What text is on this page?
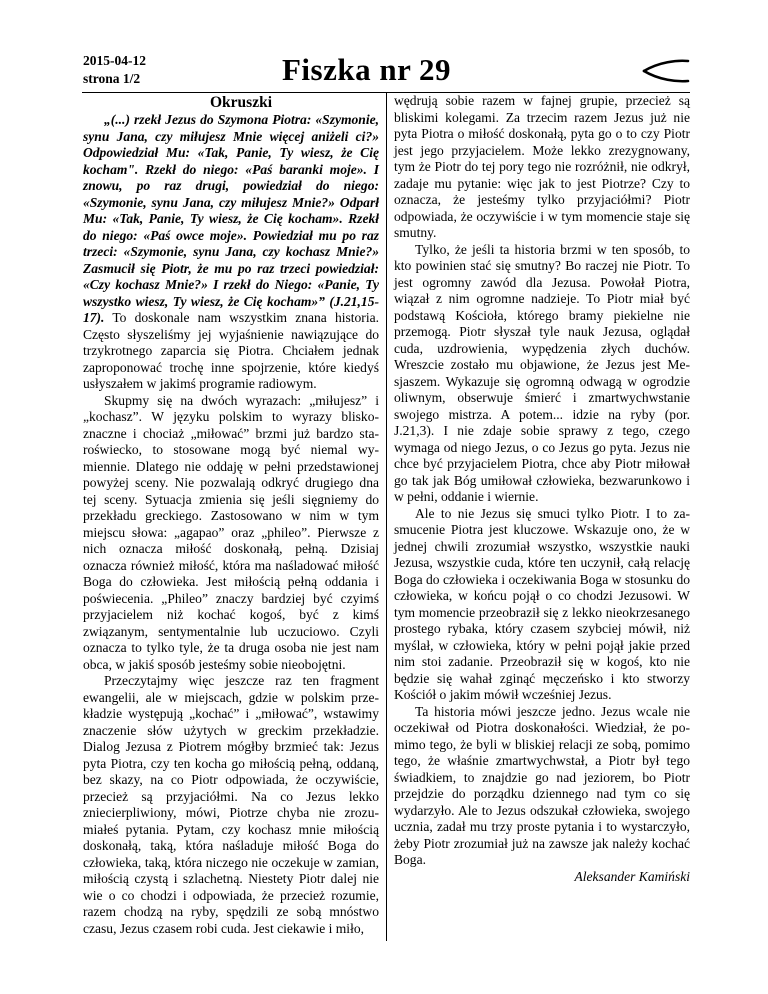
2015-04-12
strona 1/2	Fiszka nr 29
Okruszki

„(...) rzekł Jezus do Szymona Piotra: «Szymonie, synu Jana, czy miłujesz Mnie więcej aniżeli ci?» Odpowiedział Mu: «Tak, Panie, Ty wiesz, że Cię kocham". Rzekł do niego: «Paś baranki moje». I znowu, po raz drugi, powiedział do niego: «Szymonie, synu Jana, czy miłujesz Mnie?» Odparł Mu: «Tak, Panie, Ty wiesz, że Cię kocham». Rzekł do niego: «Paś owce moje». Powiedział mu po raz trzeci: «Szymonie, synu Jana, czy kochasz Mnie?» Zasmucił się Piotr, że mu po raz trzeci powiedział: «Czy kochasz Mnie?» I rzekł do Niego: «Panie, Ty wszystko wiesz, Ty wiesz, że Cię kocham»” (J.21,15-17). To doskonale nam wszystkim znana historia. Często słyszeliśmy jej wyjaśnienie nawiązujące do trzykrotnego zaparcia się Piotra. Chciałem jednak zaproponować trochę inne spojrzenie, które kiedyś usłyszałem w jakimś programie radiowym.

Skupmy się na dwóch wyrazach: „miłujesz” i „kochasz”. W języku polskim to wyrazy bliskoznaczne i chociaż „miłować” brzmi już bardzo staroświecko, to stosowane mogą być niemal wymiennie. Dlatego nie oddaję w pełni przedstawionej powyżej sceny. Nie pozwalają odkryć drugiego dna tej sceny. Sytuacja zmienia się jeśli sięgniemy do przekładu greckiego. Zastosowano w nim w tym miejscu słowa: „agapao” oraz „phileo”. Pierwsze z nich oznacza miłość doskonałą, pełną. Dzisiaj oznacza również miłość, która ma naśladować miłość Boga do człowieka. Jest miłością pełną oddania i poświecenia. „Phileo” znaczy bardziej być czyimś przyjacielem niż kochać kogoś, być z kimś związanym, sentymentalnie lub uczuciowo. Czyli oznacza to tylko tyle, że ta druga osoba nie jest nam obca, w jakiś sposób jesteśmy sobie nieobojętni.

Przeczytajmy więc jeszcze raz ten fragment ewangelii, ale w miejscach, gdzie w polskim przekładzie występują „kochać” i „miłować”, wstawimy znaczenie słów użytych w greckim przekładzie. Dialog Jezusa z Piotrem mógłby brzmieć tak: Jezus pyta Piotra, czy ten kocha go miłością pełną, oddaną, bez skazy, na co Piotr odpowiada, że oczywiście, przecież są przyjaciółmi. Na co Jezus lekko zniecierpliwiony, mówi, Piotrze chyba nie zrozumiałeś pytania. Pytam, czy kochasz mnie miłością doskonałą, taką, która naśladuje miłość Boga do człowieka, taką, która niczego nie oczekuje w zamian, miłością czystą i szlachetną. Niestety Piotr dalej nie wie o co chodzi i odpowiada, że przecież rozumie, razem chodzą na ryby, spędzili ze sobą mnóstwo czasu, Jezus czasem robi cuda. Jest ciekawie i miło,

wędrują sobie razem w fajnej grupie, przecież są bliskimi kolegami. Za trzecim razem Jezus już nie pyta Piotra o miłość doskonałą, pyta go o to czy Piotr jest jego przyjacielem. Może lekko zrezygnowany, tym że Piotr do tej pory tego nie rozróżnił, nie odkrył, zadaje mu pytanie: więc jak to jest Piotrze? Czy to oznacza, że jesteśmy tylko przyjaciółmi? Piotr odpowiada, że oczywiście i w tym momencie staje się smutny.

Tylko, że jeśli ta historia brzmi w ten sposób, to kto powinien stać się smutny? Bo raczej nie Piotr. To jest ogromny zawód dla Jezusa. Powołał Piotra, wiązał z nim ogromne nadzieje. To Piotr miał być podstawą Kościoła, którego bramy piekielne nie przemogą. Piotr słyszał tyle nauk Jezusa, oglądał cuda, uzdrowienia, wypędzenia złych duchów. Wreszcie zostało mu objawione, że Jezus jest Mesjaszem. Wykazuje się ogromną odwagą w ogrodzie oliwnym, obserwuje śmierć i zmartwychwstanie swojego mistrza. A potem... idzie na ryby (por. J.21,3). I nie zdaje sobie sprawy z tego, czego wymaga od niego Jezus, o co Jezus go pyta. Jezus nie chce być przyjacielem Piotra, chce aby Piotr miłował go tak jak Bóg umiłował człowieka, bezwarunkowo i w pełni, oddanie i wiernie.

Ale to nie Jezus się smuci tylko Piotr. I to zasmucenie Piotra jest kluczowe. Wskazuje ono, że w jednej chwili zrozumiał wszystko, wszystkie nauki Jezusa, wszystkie cuda, które ten uczynił, całą relację Boga do człowieka i oczekiwania Boga w stosunku do człowieka, w końcu pojął o co chodzi Jezusowi. W tym momencie przeobraził się z lekko nieokrzesanego prostego rybaka, który czasem szybciej mówił, niż myślał, w człowieka, który w pełni pojął jakie przed nim stoi zadanie. Przeobraził się w kogoś, kto nie będzie się wahał zginąć męczeńsko i kto stworzy Kościół o jakim mówił wcześniej Jezus.

Ta historia mówi jeszcze jedno. Jezus wcale nie oczekiwał od Piotra doskonałości. Wiedział, że pomimo tego, że byli w bliskiej relacji ze sobą, pomimo tego, że właśnie zmartwychwstał, a Piotr był tego świadkiem, to znajdzie go nad jeziorem, bo Piotr przejdzie do porządku dziennego nad tym co się wydarzyło. Ale to Jezus odszukał człowieka, swojego ucznia, zadał mu trzy proste pytania i to wystarczyło, żeby Piotr zrozumiał już na zawsze jak należy kochać Boga.

Aleksander Kamiński
